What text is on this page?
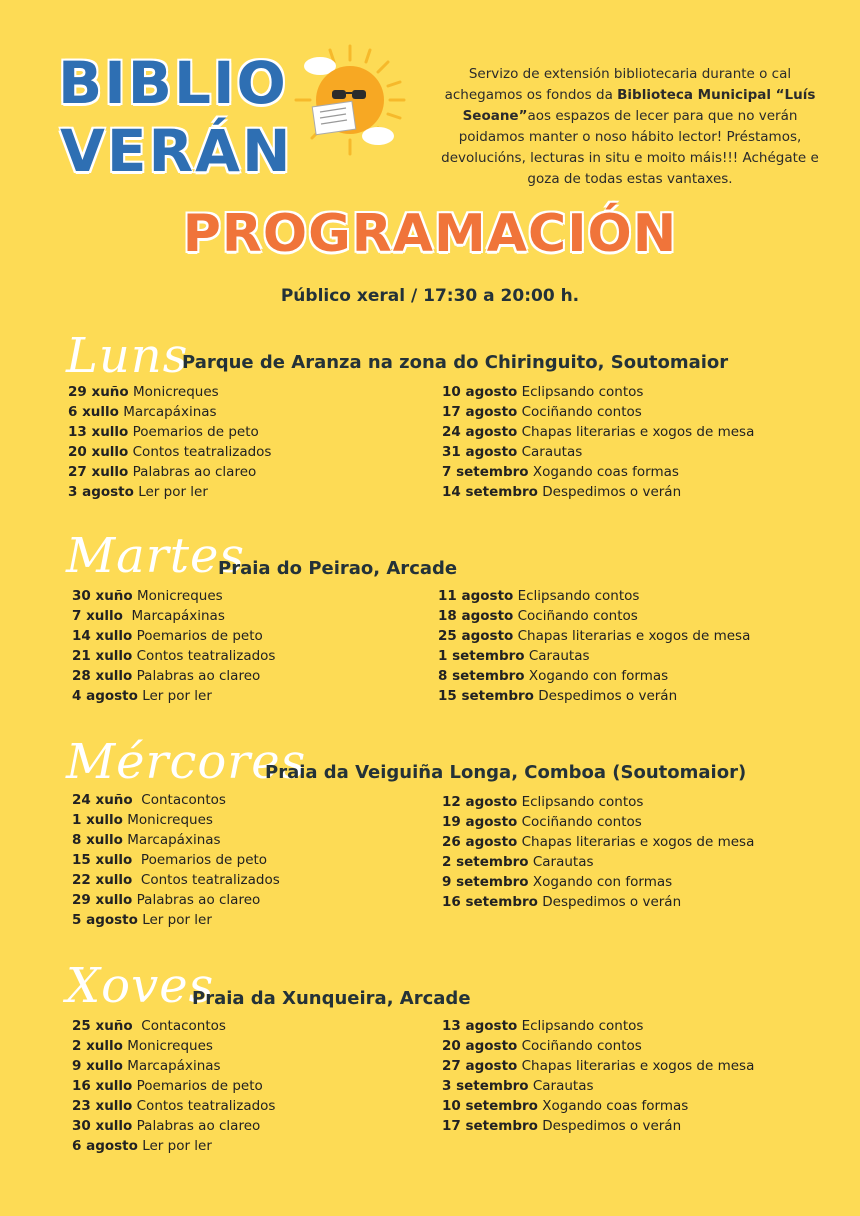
BIBLIO
VERÁN
Servizo de extensión bibliotecaria durante o cal achegamos os fondos da Biblioteca Municipal “Luís Seoane”aos espazos de lecer para que no verán poidamos manter o noso hábito lector! Préstamos, devolucións, lecturas in situ e moito máis!!! Achégate e goza de todas estas vantaxes.
PROGRAMACIÓN
Público xeral / 17:30 a 20:00 h.
Luns
Parque de Aranza na zona do Chiringuito, Soutomaior
29 xuño Monicreques
6 xullo Marcapáxinas
13 xullo Poemarios de peto
20 xullo Contos teatralizados
27 xullo Palabras ao clareo
3 agosto Ler por ler
10 agosto Eclipsando contos
17 agosto Cociñando contos
24 agosto Chapas literarias e xogos de mesa
31 agosto Carautas
7 setembro Xogando coas formas
14 setembro Despedimos o verán
Martes
Praia do Peirao, Arcade
30 xuño Monicreques
7 xullo  Marcapáxinas
14 xullo Poemarios de peto
21 xullo Contos teatralizados
28 xullo Palabras ao clareo
4 agosto Ler por ler
11 agosto Eclipsando contos
18 agosto Cociñando contos
25 agosto Chapas literarias e xogos de mesa
1 setembro Carautas
8 setembro Xogando con formas
15 setembro Despedimos o verán
Mércores
Praia da Veiguiña Longa, Comboa (Soutomaior)
24 xuño  Contacontos
1 xullo Monicreques
8 xullo Marcapáxinas
15 xullo  Poemarios de peto
22 xullo  Contos teatralizados
29 xullo Palabras ao clareo
5 agosto Ler por ler
12 agosto Eclipsando contos
19 agosto Cociñando contos
26 agosto Chapas literarias e xogos de mesa
2 setembro Carautas
9 setembro Xogando con formas
16 setembro Despedimos o verán
Xoves
Praia da Xunqueira, Arcade
25 xuño  Contacontos
2 xullo Monicreques
9 xullo Marcapáxinas
16 xullo Poemarios de peto
23 xullo Contos teatralizados
30 xullo Palabras ao clareo
6 agosto Ler por ler
13 agosto Eclipsando contos
20 agosto Cociñando contos
27 agosto Chapas literarias e xogos de mesa
3 setembro Carautas
10 setembro Xogando coas formas
17 setembro Despedimos o verán
